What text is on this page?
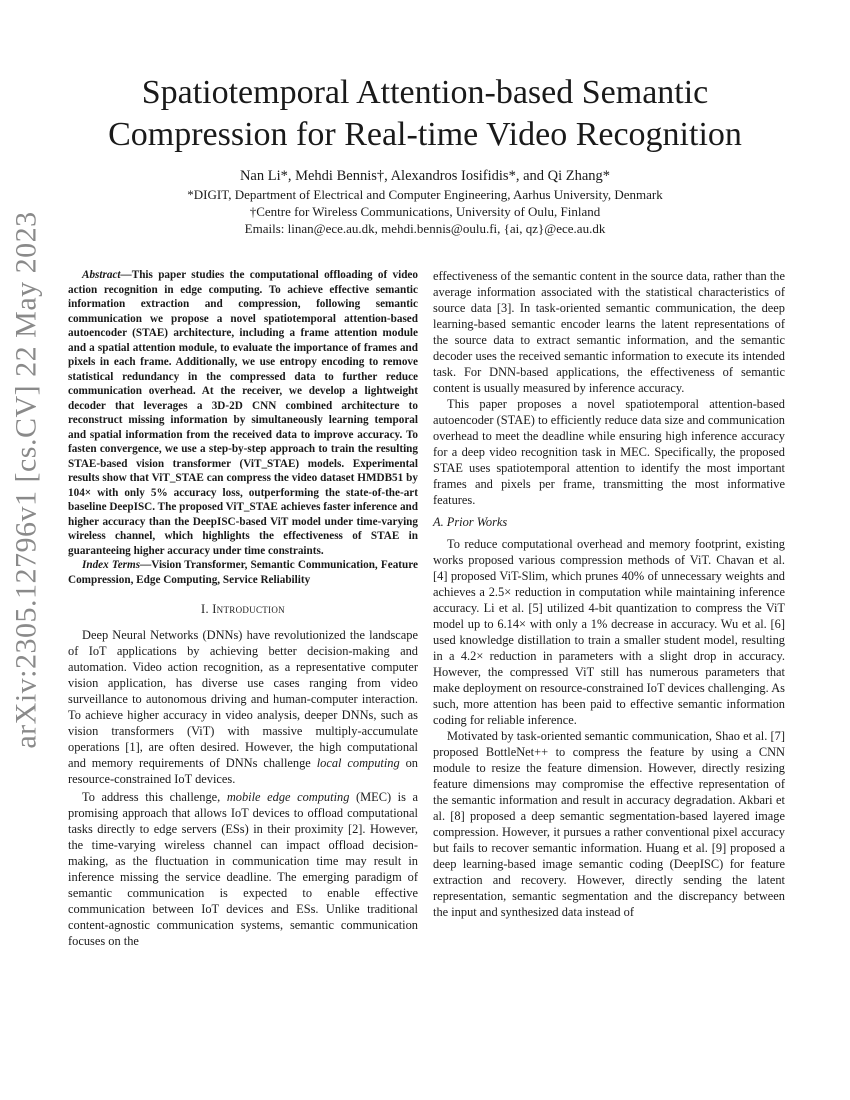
arXiv:2305.12796v1 [cs.CV] 22 May 2023
Spatiotemporal Attention-based Semantic
Compression for Real-time Video Recognition
Nan Li*, Mehdi Bennis†, Alexandros Iosifidis*, and Qi Zhang*
*DIGIT, Department of Electrical and Computer Engineering, Aarhus University, Denmark
†Centre for Wireless Communications, University of Oulu, Finland
Emails: linan@ece.au.dk, mehdi.bennis@oulu.fi, {ai, qz}@ece.au.dk

Abstract—This paper studies the computational offloading of video action recognition in edge computing. To achieve effective semantic information extraction and compression, following semantic communication we propose a novel spatiotemporal attention-based autoencoder (STAE) architecture, including a frame attention module and a spatial attention module, to evaluate the importance of frames and pixels in each frame. Additionally, we use entropy encoding to remove statistical redundancy in the compressed data to further reduce communication overhead. At the receiver, we develop a lightweight decoder that leverages a 3D-2D CNN combined architecture to reconstruct missing information by simultaneously learning temporal and spatial information from the received data to improve accuracy. To fasten convergence, we use a step-by-step approach to train the resulting STAE-based vision transformer (ViT_STAE) models. Experimental results show that ViT_STAE can compress the video dataset HMDB51 by 104× with only 5% accuracy loss, outperforming the state-of-the-art baseline DeepISC. The proposed ViT_STAE achieves faster inference and higher accuracy than the DeepISC-based ViT model under time-varying wireless channel, which highlights the effectiveness of STAE in guaranteeing higher accuracy under time constraints.

Index Terms—Vision Transformer, Semantic Communication, Feature Compression, Edge Computing, Service Reliability

I. Introduction

Deep Neural Networks (DNNs) have revolutionized the landscape of IoT applications by achieving better decision-making and automation. Video action recognition, as a representative computer vision application, has diverse use cases ranging from video surveillance to autonomous driving and human-computer interaction. To achieve higher accuracy in video analysis, deeper DNNs, such as vision transformers (ViT) with massive multiply-accumulate operations [1], are often desired. However, the high computational and memory requirements of DNNs challenge local computing on resource-constrained IoT devices.

To address this challenge, mobile edge computing (MEC) is a promising approach that allows IoT devices to offload computational tasks directly to edge servers (ESs) in their proximity [2]. However, the time-varying wireless channel can impact offload decision-making, as the fluctuation in communication time may result in inference missing the service deadline. The emerging paradigm of semantic communication is expected to enable effective communication between IoT devices and ESs. Unlike traditional content-agnostic communication systems, semantic communication focuses on the

effectiveness of the semantic content in the source data, rather than the average information associated with the statistical characteristics of source data [3]. In task-oriented semantic communication, the deep learning-based semantic encoder learns the latent representations of the source data to extract semantic information, and the semantic decoder uses the received semantic information to execute its intended task. For DNN-based applications, the effectiveness of semantic content is usually measured by inference accuracy.

This paper proposes a novel spatiotemporal attention-based autoencoder (STAE) to efficiently reduce data size and communication overhead to meet the deadline while ensuring high inference accuracy for a deep video recognition task in MEC. Specifically, the proposed STAE uses spatiotemporal attention to identify the most important frames and pixels per frame, transmitting the most informative features.

A. Prior Works

To reduce computational overhead and memory footprint, existing works proposed various compression methods of ViT. Chavan et al. [4] proposed ViT-Slim, which prunes 40% of unnecessary weights and achieves a 2.5× reduction in computation while maintaining inference accuracy. Li et al. [5] utilized 4-bit quantization to compress the ViT model up to 6.14× with only a 1% decrease in accuracy. Wu et al. [6] used knowledge distillation to train a smaller student model, resulting in a 4.2× reduction in parameters with a slight drop in accuracy. However, the compressed ViT still has numerous parameters that make deployment on resource-constrained IoT devices challenging. As such, more attention has been paid to effective semantic information coding for reliable inference.

Motivated by task-oriented semantic communication, Shao et al. [7] proposed BottleNet++ to compress the feature by using a CNN module to resize the feature dimension. However, directly resizing feature dimensions may compromise the effective representation of the semantic information and result in accuracy degradation. Akbari et al. [8] proposed a deep semantic segmentation-based layered image compression. However, it pursues a rather conventional pixel accuracy but fails to recover semantic information. Huang et al. [9] proposed a deep learning-based image semantic coding (DeepISC) for feature extraction and recovery. However, directly sending the latent representation, semantic segmentation and the discrepancy between the input and synthesized data instead of
